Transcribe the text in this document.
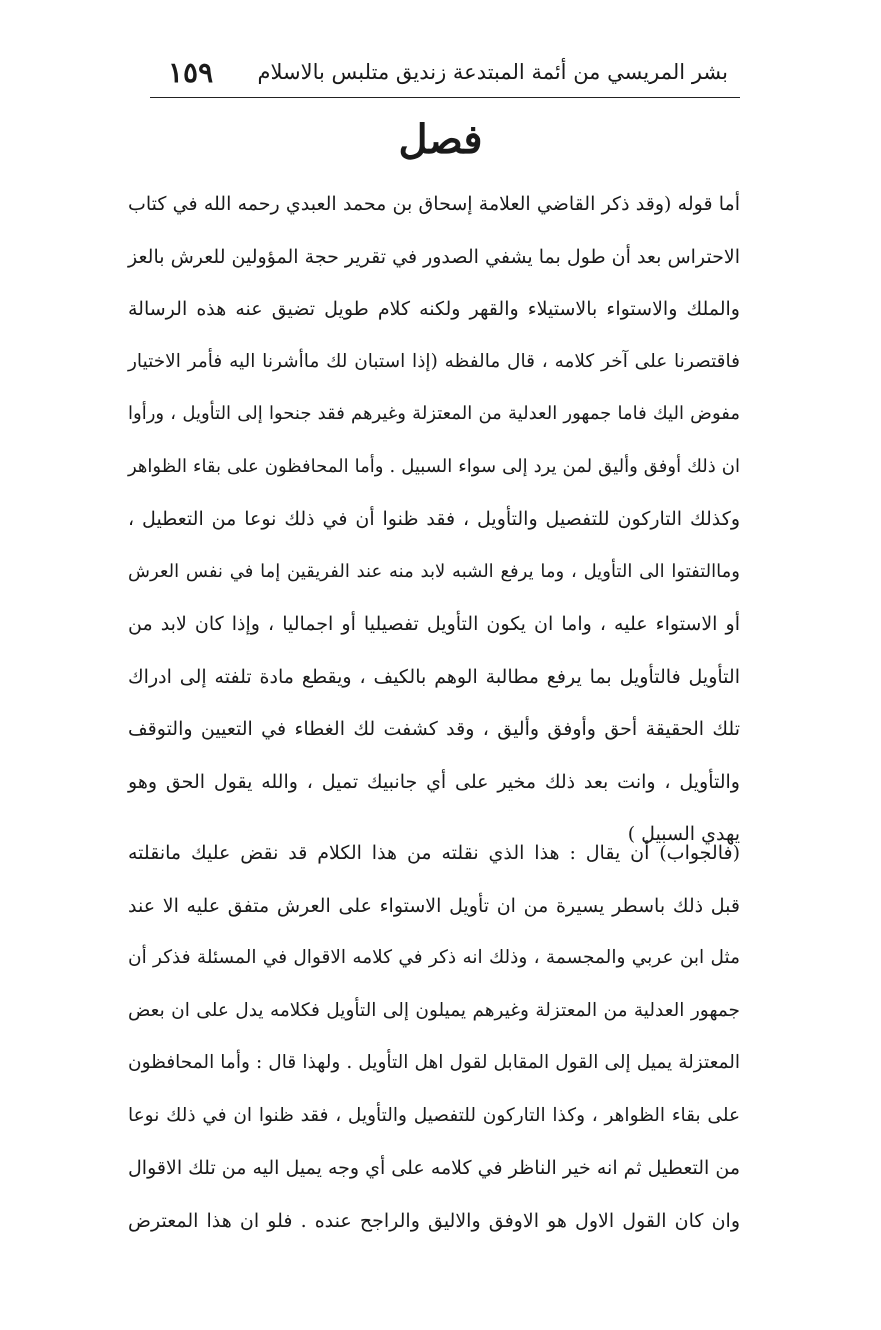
بشر المريسي من أئمة المبتدعة زنديق متلبس بالاسلام
١٥٩
فصل
أما قوله (وقد ذكر القاضي العلامة إسحاق بن محمد العبدي رحمه الله في كتاب
الاحتراس بعد أن طول بما يشفي الصدور في تقرير حجة المؤولين للعرش بالعز
والملك والاستواء بالاستيلاء والقهر ولكنه كلام طويل تضيق عنه هذه الرسالة
فاقتصرنا على آخر كلامه ، قال مالفظه (إذا استبان لك ماأشرنا اليه فأمر الاختيار
مفوض اليك فاما جمهور العدلية من المعتزلة وغيرهم فقد جنحوا إلى التأويل ، ورأوا
ان ذلك أوفق وأليق لمن يرد إلى سواء السبيل . وأما المحافظون على بقاء الظواهر
وكذلك التاركون للتفصيل والتأويل ، فقد ظنوا أن في ذلك نوعا من التعطيل ،
وماالتفتوا الى التأويل ، وما يرفع الشبه لابد منه عند الفريقين إما في نفس العرش
أو الاستواء عليه ، واما ان يكون التأويل تفصيليا أو اجماليا ، وإذا كان لابد من
التأويل فالتأويل بما يرفع مطالبة الوهم بالكيف ، ويقطع مادة تلفته إلى ادراك
تلك الحقيقة أحق وأوفق وأليق ، وقد كشفت لك الغطاء في التعيين والتوقف
والتأويل ، وانت بعد ذلك مخير على أي جانبيك تميل ، والله يقول الحق وهو
يهدي السبيل )
(فالجواب) أن يقال : هذا الذي نقلته من هذا الكلام قد نقض عليك مانقلته
قبل ذلك باسطر يسيرة من ان تأويل الاستواء على العرش متفق عليه الا عند
مثل ابن عربي والمجسمة ، وذلك انه ذكر في كلامه الاقوال في المسئلة فذكر أن
جمهور العدلية من المعتزلة وغيرهم يميلون إلى التأويل فكلامه يدل على ان بعض
المعتزلة يميل إلى القول المقابل لقول اهل التأويل . ولهذا قال : وأما المحافظون
على بقاء الظواهر ، وكذا التاركون للتفصيل والتأويل ، فقد ظنوا ان في ذلك نوعا
من التعطيل ثم انه خير الناظر في كلامه على أي وجه يميل اليه من تلك الاقوال
وان كان القول الاول هو الاوفق والاليق والراجح عنده . فلو ان هذا المعترض
